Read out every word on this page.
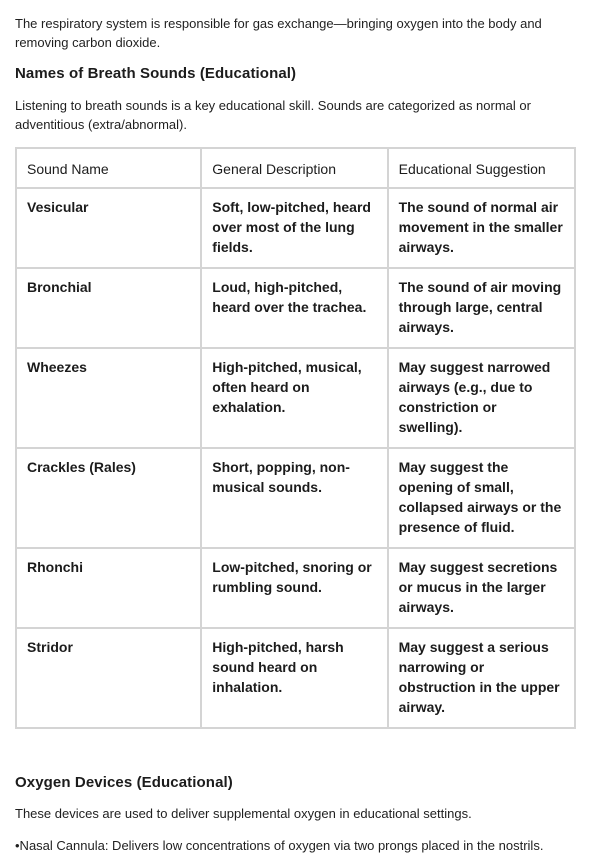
The respiratory system is responsible for gas exchange—bringing oxygen into the body and removing carbon dioxide.

Names of Breath Sounds (Educational)

Listening to breath sounds is a key educational skill. Sounds are categorized as normal or adventitious (extra/abnormal).

Sound Name	General Description	Educational Suggestion
Vesicular	Soft, low-pitched, heard over most of the lung fields.	The sound of normal air movement in the smaller airways.
Bronchial	Loud, high-pitched, heard over the trachea.	The sound of air moving through large, central airways.
Wheezes	High-pitched, musical, often heard on exhalation.	May suggest narrowed airways (e.g., due to constriction or swelling).
Crackles (Rales)	Short, popping, non-musical sounds.	May suggest the opening of small, collapsed airways or the presence of fluid.
Rhonchi	Low-pitched, snoring or rumbling sound.	May suggest secretions or mucus in the larger airways.
Stridor	High-pitched, harsh sound heard on inhalation.	May suggest a serious narrowing or obstruction in the upper airway.
Oxygen Devices (Educational)

These devices are used to deliver supplemental oxygen in educational settings.

•Nasal Cannula: Delivers low concentrations of oxygen via two prongs placed in the nostrils.
